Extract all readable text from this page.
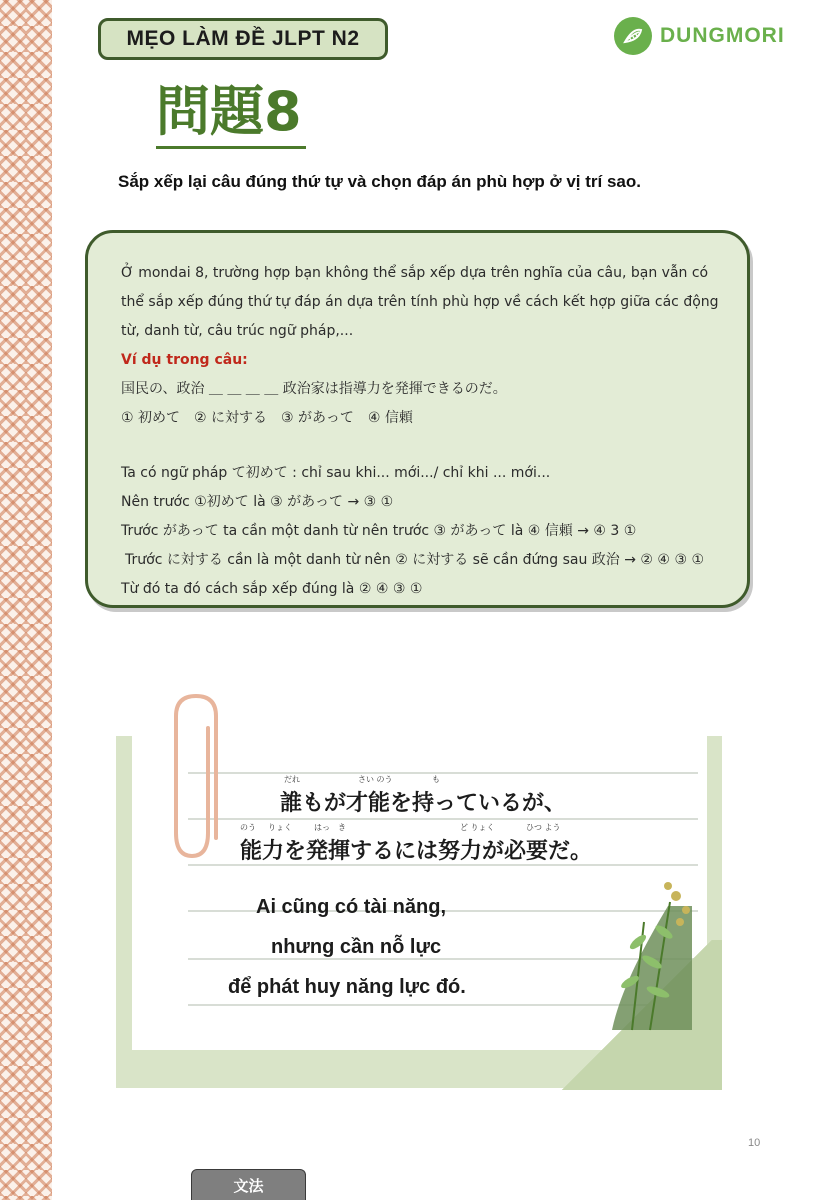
MẸO LÀM ĐỀ JLPT N2	DUNGMORI
問題8
Sắp xếp lại câu đúng thứ tự và chọn đáp án phù hợp ở vị trí sao.

Ở mondai 8, trường hợp bạn không thể sắp xếp dựa trên nghĩa của câu, bạn vẫn có thể sắp xếp đúng thứ tự đáp án dựa trên tính phù hợp về cách kết hợp giữa các động từ, danh từ, câu trúc ngữ pháp,...

Ví dụ trong câu:

国民の、政治 ＿ ＿ ＿ ＿ 政治家は指導力を発揮できるのだ。

① 初めて　② に対する　③ があって　④ 信頼

Ta có ngữ pháp て初めて : chỉ sau khi... mới.../ chỉ khi ... mới...

Nên trước ①初めて là ③ があって → ③ ①

Trước があって ta cần một danh từ nên trước ③ があって là ④ 信頼 → ④ 3 ①

Trước に対する cần là một danh từ nên ② に対する sẽ cần đứng sau 政治 → ② ④ ③ ①

Từ đó ta đó cách sắp xếp đúng là ② ④ ③ ①

だれ	さい のう	も
誰もが才能を持っているが、
のう りょく	はっ　き	ど りょく	ひつ よう
能力を発揮するには努力が必要だ。
Ai cũng có tài năng,
nhưng cần nỗ lực
để phát huy năng lực đó.
10
文法
